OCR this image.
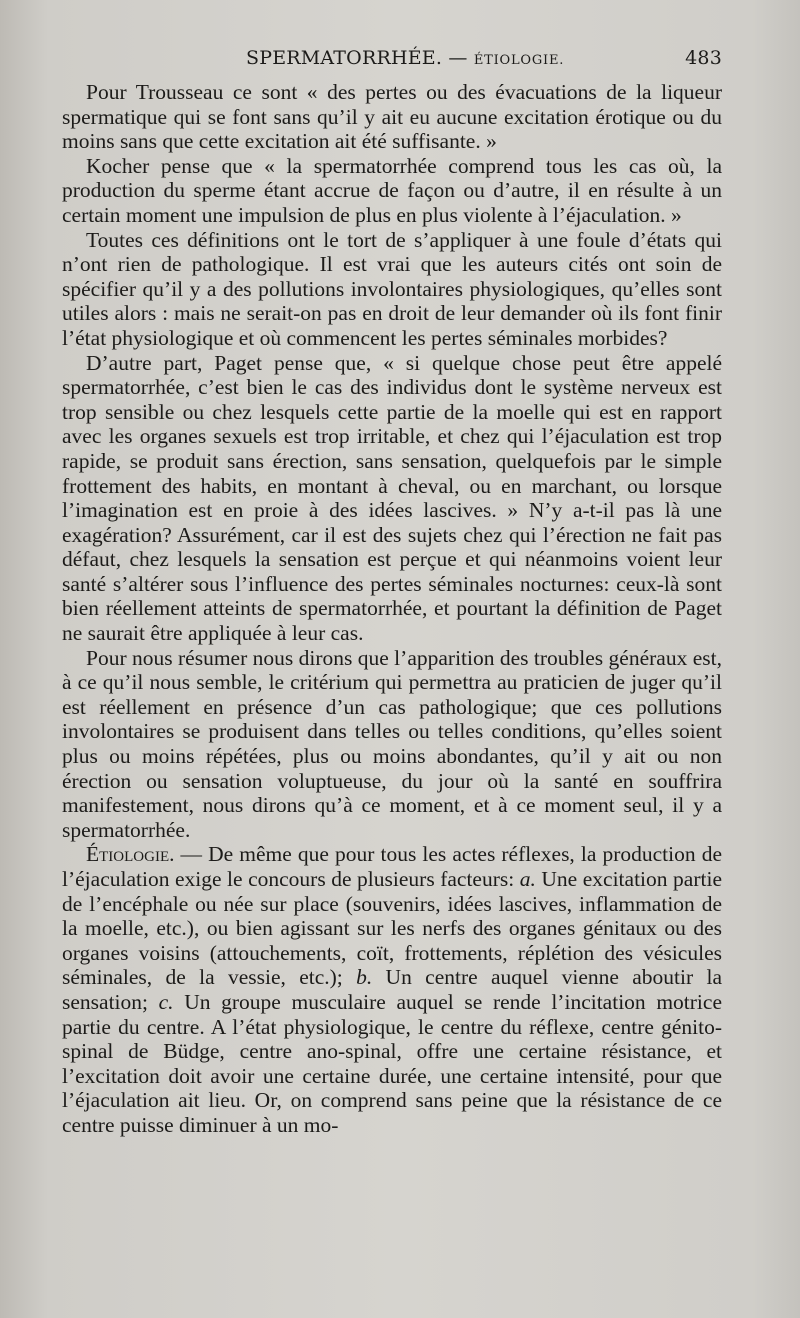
SPERMATORRHÉE. — ÉTIOLOGIE.	483

Pour Trousseau ce sont « des pertes ou des évacuations de la liqueur spermatique qui se font sans qu’il y ait eu aucune excitation érotique ou du moins sans que cette excitation ait été suffisante. »

Kocher pense que « la spermatorrhée comprend tous les cas où, la production du sperme étant accrue de façon ou d’autre, il en résulte à un certain moment une impulsion de plus en plus violente à l’éjaculation. »

Toutes ces définitions ont le tort de s’appliquer à une foule d’états qui n’ont rien de pathologique. Il est vrai que les auteurs cités ont soin de spécifier qu’il y a des pollutions involontaires physiologiques, qu’elles sont utiles alors : mais ne serait-on pas en droit de leur demander où ils font finir l’état physiologique et où commencent les pertes séminales morbides?

D’autre part, Paget pense que, « si quelque chose peut être appelé spermatorrhée, c’est bien le cas des individus dont le système nerveux est trop sensible ou chez lesquels cette partie de la moelle qui est en rapport avec les organes sexuels est trop irritable, et chez qui l’éjaculation est trop rapide, se produit sans érection, sans sensation, quelquefois par le simple frottement des habits, en montant à cheval, ou en marchant, ou lorsque l’imagination est en proie à des idées lascives. » N’y a-t-il pas là une exagération? Assurément, car il est des sujets chez qui l’érection ne fait pas défaut, chez lesquels la sensation est perçue et qui néanmoins voient leur santé s’altérer sous l’influence des pertes séminales nocturnes: ceux-là sont bien réellement atteints de spermatorrhée, et pourtant la définition de Paget ne saurait être appliquée à leur cas.

Pour nous résumer nous dirons que l’apparition des troubles généraux est, à ce qu’il nous semble, le critérium qui permettra au praticien de juger qu’il est réellement en présence d’un cas pathologique; que ces pollutions involontaires se produisent dans telles ou telles conditions, qu’elles soient plus ou moins répétées, plus ou moins abondantes, qu’il y ait ou non érection ou sensation voluptueuse, du jour où la santé en souffrira manifestement, nous dirons qu’à ce moment, et à ce moment seul, il y a spermatorrhée.

Étiologie. — De même que pour tous les actes réflexes, la production de l’éjaculation exige le concours de plusieurs facteurs: a. Une excitation partie de l’encéphale ou née sur place (souvenirs, idées lascives, inflammation de la moelle, etc.), ou bien agissant sur les nerfs des organes génitaux ou des organes voisins (attouchements, coït, frottements, réplétion des vésicules séminales, de la vessie, etc.); b. Un centre auquel vienne aboutir la sensation; c. Un groupe musculaire auquel se rende l’incitation motrice partie du centre. A l’état physiologique, le centre du réflexe, centre génito-spinal de Büdge, centre ano-spinal, offre une certaine résistance, et l’excitation doit avoir une certaine durée, une certaine intensité, pour que l’éjaculation ait lieu. Or, on comprend sans peine que la résistance de ce centre puisse diminuer à un mo-
